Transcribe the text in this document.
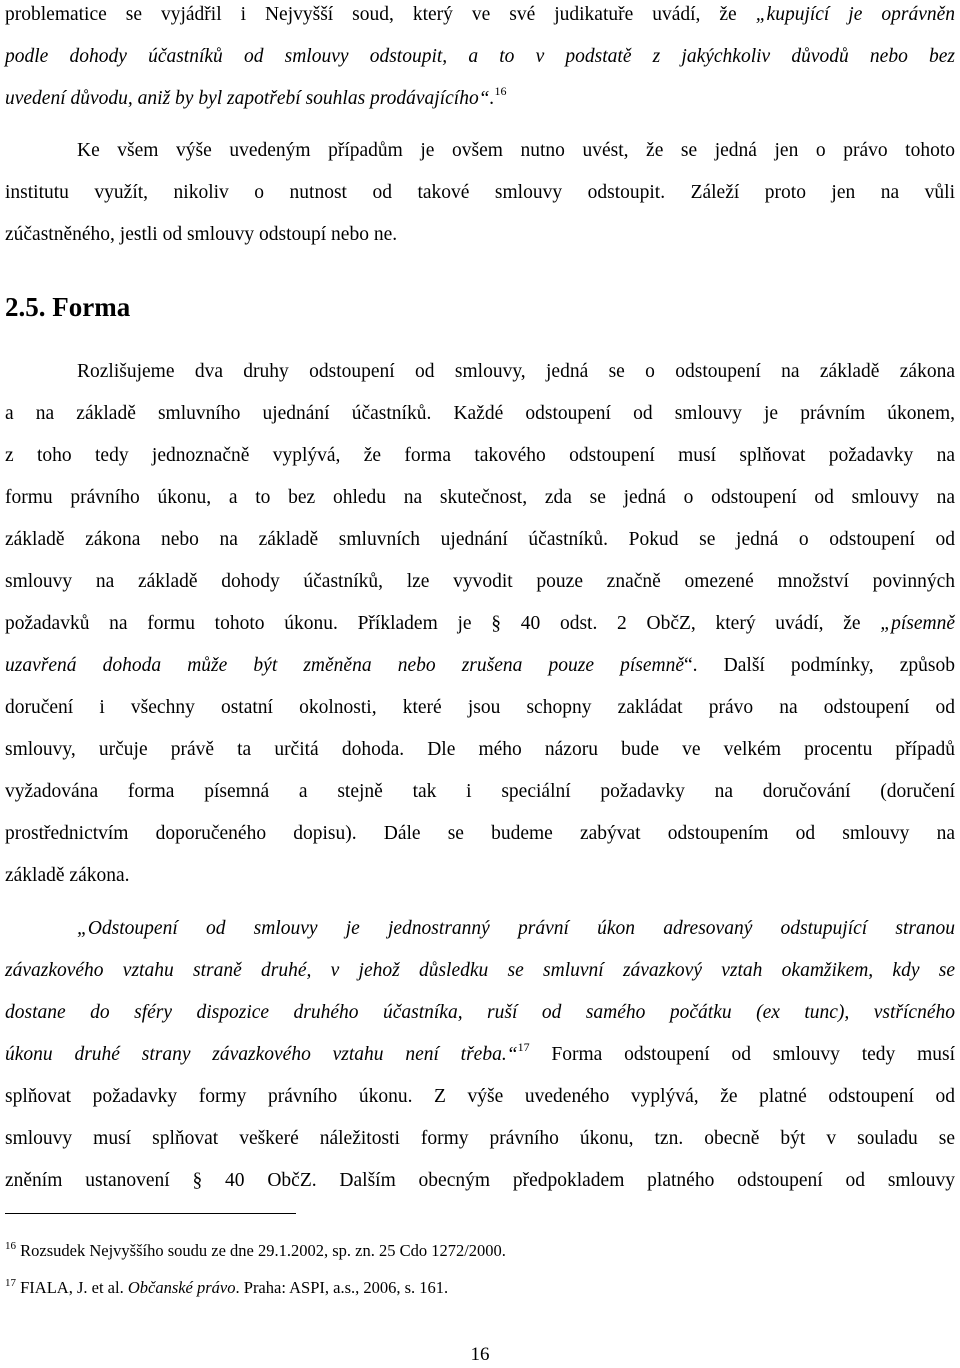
problematice se vyjádřil i Nejvyšší soud, který ve své judikatuře uvádí, že „kupující je oprávněn
podle dohody účastníků od smlouvy odstoupit, a to v podstatě z jakýchkoliv důvodů nebo bez
uvedení důvodu, aniž by byl zapotřebí souhlas prodávajícího“.$^{16}$
Ke všem výše uvedeným případům je ovšem nutno uvést, že se jedná jen o právo tohoto
institutu využít, nikoliv o nutnost od takové smlouvy odstoupit. Záleží proto jen na vůli
zúčastněného, jestli od smlouvy odstoupí nebo ne.
2.5. Forma
Rozlišujeme dva druhy odstoupení od smlouvy, jedná se o odstoupení na základě zákona
a na základě smluvního ujednání účastníků. Každé odstoupení od smlouvy je právním úkonem,
z toho tedy jednoznačně vyplývá, že forma takového odstoupení musí splňovat požadavky na
formu právního úkonu, a to bez ohledu na skutečnost, zda se jedná o odstoupení od smlouvy na
základě zákona nebo na základě smluvních ujednání účastníků. Pokud se jedná o odstoupení od
smlouvy na základě dohody účastníků, lze vyvodit pouze značně omezené množství povinných
požadavků na formu tohoto úkonu. Příkladem je § 40 odst. 2 ObčZ, který uvádí, že „písemně
uzavřená dohoda může být změněna nebo zrušena pouze písemně“. Další podmínky, způsob
doručení i všechny ostatní okolnosti, které jsou schopny zakládat právo na odstoupení od
smlouvy, určuje právě ta určitá dohoda. Dle mého názoru bude ve velkém procentu případů
vyžadována forma písemná a stejně tak i speciální požadavky na doručování (doručení
prostřednictvím doporučeného dopisu). Dále se budeme zabývat odstoupením od smlouvy na
základě zákona.
„Odstoupení od smlouvy je jednostranný právní úkon adresovaný odstupující stranou
závazkového vztahu straně druhé, v jehož důsledku se smluvní závazkový vztah okamžikem, kdy se
dostane do sféry dispozice druhého účastníka, ruší od samého počátku (ex tunc), vstřícného
úkonu druhé strany závazkového vztahu není třeba.“$^{17}$ Forma odstoupení od smlouvy tedy musí
splňovat požadavky formy právního úkonu. Z výše uvedeného vyplývá, že platné odstoupení od
smlouvy musí splňovat veškeré náležitosti formy právního úkonu, tzn. obecně být v souladu se
zněním ustanovení § 40 ObčZ. Dalším obecným předpokladem platného odstoupení od smlouvy
$^{16}$ Rozsudek Nejvyššího soudu ze dne 29.1.2002, sp. zn. 25 Cdo 1272/2000.
$^{17}$ FIALA, J. et al. Občanské právo. Praha: ASPI, a.s., 2006, s. 161.
16
